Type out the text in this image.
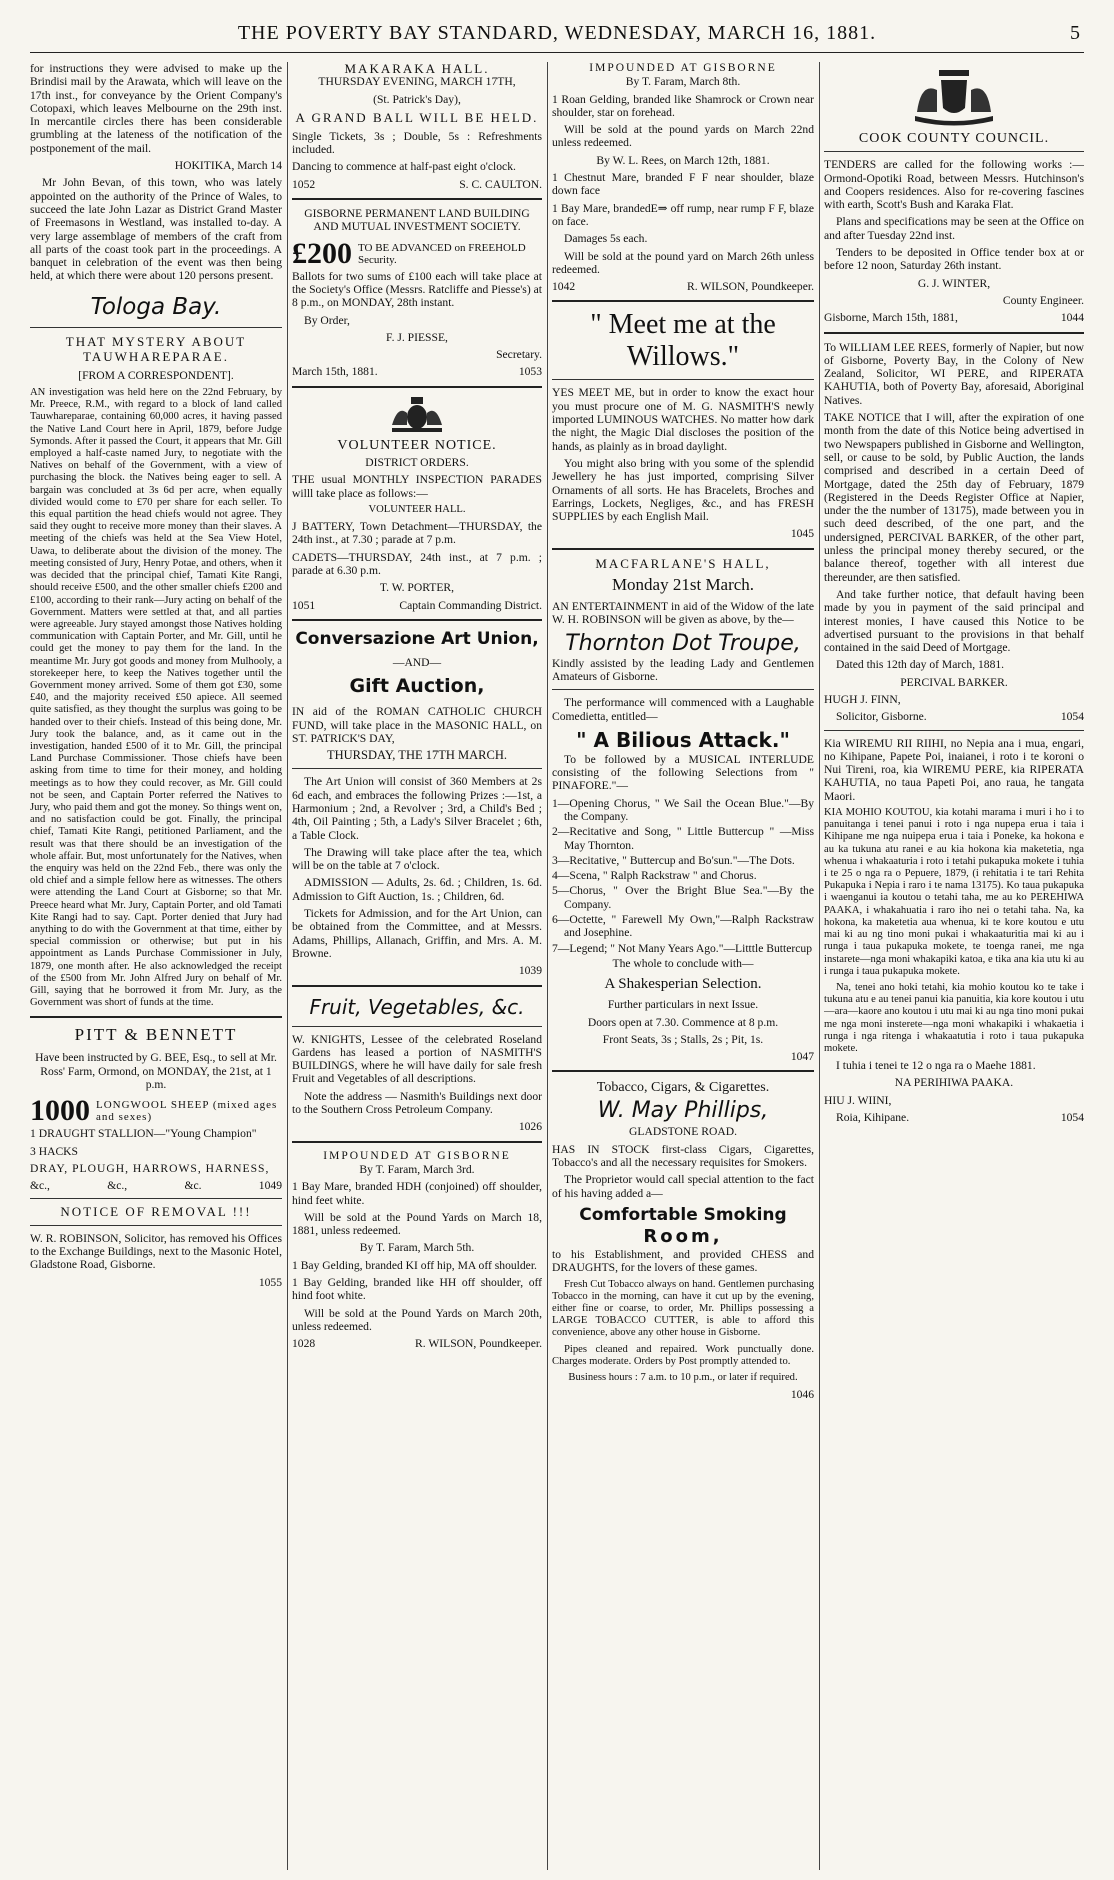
THE POVERTY BAY STANDARD, WEDNESDAY, MARCH 16, 1881.	5

for instructions they were advised to make up the Brindisi mail by the Arawata, which will leave on the 17th inst., for conveyance by the Orient Company's Cotopaxi, which leaves Melbourne on the 29th inst. In mercantile circles there has been considerable grumbling at the lateness of the notification of the postponement of the mail.

HOKITIKA, March 14

Mr John Bevan, of this town, who was lately appointed on the authority of the Prince of Wales, to succeed the late John Lazar as District Grand Master of Freemasons in Westland, was installed to-day. A very large assemblage of members of the craft from all parts of the coast took part in the proceedings. A banquet in celebration of the event was then being held, at which there were about 120 persons present.

Tologa Bay.
THAT MYSTERY ABOUT TAUWHAREPARAE.

[FROM A CORRESPONDENT].

AN investigation was held here on the 22nd February, by Mr. Preece, R.M., with regard to a block of land called Tauwhareparae, containing 60,000 acres, it having passed the Native Land Court here in April, 1879, before Judge Symonds. After it passed the Court, it appears that Mr. Gill employed a half-caste named Jury, to negotiate with the Natives on behalf of the Government, with a view of purchasing the block. the Natives being eager to sell. A bargain was concluded at 3s 6d per acre, when equally divided would come to £70 per share for each seller. To this equal partition the head chiefs would not agree. They said they ought to receive more money than their slaves. A meeting of the chiefs was held at the Sea View Hotel, Uawa, to deliberate about the division of the money. The meeting consisted of Jury, Henry Potae, and others, when it was decided that the principal chief, Tamati Kite Rangi, should receive £500, and the other smaller chiefs £200 and £100, according to their rank—Jury acting on behalf of the Government. Matters were settled at that, and all parties were agreeable. Jury stayed amongst those Natives holding communication with Captain Porter, and Mr. Gill, until he could get the money to pay them for the land. In the meantime Mr. Jury got goods and money from Mulhooly, a storekeeper here, to keep the Natives together until the Government money arrived. Some of them got £30, some £40, and the majority received £50 apiece. All seemed quite satisfied, as they thought the surplus was going to be handed over to their chiefs. Instead of this being done, Mr. Jury took the balance, and, as it came out in the investigation, handed £500 of it to Mr. Gill, the principal Land Purchase Commissioner. Those chiefs have been asking from time to time for their money, and holding meetings as to how they could recover, as Mr. Gill could not be seen, and Captain Porter referred the Natives to Jury, who paid them and got the money. So things went on, and no satisfaction could be got. Finally, the principal chief, Tamati Kite Rangi, petitioned Parliament, and the result was that there should be an investigation of the whole affair. But, most unfortunately for the Natives, when the enquiry was held on the 22nd Feb., there was only the old chief and a simple fellow here as witnesses. The others were attending the Land Court at Gisborne; so that Mr. Preece heard what Mr. Jury, Captain Porter, and old Tamati Kite Rangi had to say. Capt. Porter denied that Jury had anything to do with the Government at that time, either by special commission or otherwise; but put in his appointment as Lands Purchase Commissioner in July, 1879, one month after. He also acknowledged the receipt of the £500 from Mr. John Alfred Jury on behalf of Mr. Gill, saying that he borrowed it from Mr. Jury, as the Government was short of funds at the time.

PITT & BENNETT

Have been instructed by G. BEE, Esq., to sell at Mr. Ross' Farm, Ormond, on MONDAY, the 21st, at 1 p.m.

1000 LONGWOOL SHEEP (mixed ages and sexes)

1 DRAUGHT STALLION—"Young Champion"

3 HACKS

DRAY, PLOUGH, HARROWS, HARNESS,

&c.,	&c.,	&c.	1049
NOTICE OF REMOVAL !!!

W. R. ROBINSON, Solicitor, has removed his Offices to the Exchange Buildings, next to the Masonic Hotel, Gladstone Road, Gisborne.

1055

MAKARAKA HALL.

THURSDAY EVENING, MARCH 17TH,

(St. Patrick's Day),

A GRAND BALL WILL BE HELD.

Single Tickets, 3s ; Double, 5s : Refreshments included.

Dancing to commence at half-past eight o'clock.

1052	S. C. CAULTON.

GISBORNE PERMANENT LAND BUILDING AND MUTUAL INVESTMENT SOCIETY.

£200 TO BE ADVANCED on FREEHOLD Security.

Ballots for two sums of £100 each will take place at the Society's Office (Messrs. Ratcliffe and Piesse's) at 8 p.m., on MONDAY, 28th instant.

By Order,

F. J. PIESSE,

Secretary.

March 15th, 1881.	1053
VOLUNTEER NOTICE.

DISTRICT ORDERS.

THE usual MONTHLY INSPECTION PARADES willl take place as follows:—

VOLUNTEER HALL.

J BATTERY, Town Detachment—THURSDAY, the 24th inst., at 7.30 ; parade at 7 p.m.

CADETS—THURSDAY, 24th inst., at 7 p.m. ; parade at 6.30 p.m.

T. W. PORTER,

1051	Captain Commanding District.
Conversazione Art Union,

—AND—

Gift Auction,

IN aid of the ROMAN CATHOLIC CHURCH FUND, will take place in the MASONIC HALL, on ST. PATRICK'S DAY,

THURSDAY, THE 17TH MARCH.

The Art Union will consist of 360 Members at 2s 6d each, and embraces the following Prizes :—1st, a Harmonium ; 2nd, a Revolver ; 3rd, a Child's Bed ; 4th, Oil Painting ; 5th, a Lady's Silver Bracelet ; 6th, a Table Clock.

The Drawing will take place after the tea, which will be on the table at 7 o'clock.

ADMISSION — Adults, 2s. 6d. ; Children, 1s. 6d. Admission to Gift Auction, 1s. ; Children, 6d.

Tickets for Admission, and for the Art Union, can be obtained from the Committee, and at Messrs. Adams, Phillips, Allanach, Griffin, and Mrs. A. M. Browne.

1039

Fruit, Vegetables, &c.

W. KNIGHTS, Lessee of the celebrated Roseland Gardens has leased a portion of NASMITH'S BUILDINGS, where he will have daily for sale fresh Fruit and Vegetables of all descriptions.

Note the address — Nasmith's Buildings next door to the Southern Cross Petroleum Company.

1026

IMPOUNDED AT GISBORNE

By T. Faram, March 3rd.

1 Bay Mare, branded HDH (conjoined) off shoulder, hind feet white.

Will be sold at the Pound Yards on March 18, 1881, unless redeemed.

By T. Faram, March 5th.

1 Bay Gelding, branded KI off hip, MA off shoulder.

1 Bay Gelding, branded like HH off shoulder, off hind foot white.

Will be sold at the Pound Yards on March 20th, unless redeemed.

1028	R. WILSON, Poundkeeper.
IMPOUNDED AT GISBORNE

By T. Faram, March 8th.

1 Roan Gelding, branded like Shamrock or Crown near shoulder, star on forehead.

Will be sold at the pound yards on March 22nd unless redeemed.

By W. L. Rees, on March 12th, 1881.

1 Chestnut Mare, branded F F near shoulder, blaze down face

1 Bay Mare, brandedE⇒ off rump, near rump F F, blaze on face.

Damages 5s each.

Will be sold at the pound yard on March 26th unless redeemed.

1042	R. WILSON, Poundkeeper.
" Meet me at the Willows."

YES MEET ME, but in order to know the exact hour you must procure one of M. G. NASMITH'S newly imported LUMINOUS WATCHES. No matter how dark the night, the Magic Dial discloses the position of the hands, as plainly as in broad daylight.

You might also bring with you some of the splendid Jewellery he has just imported, comprising Silver Ornaments of all sorts. He has Bracelets, Broches and Earrings, Lockets, Negliges, &c., and has FRESH SUPPLIES by each English Mail.

1045

MACFARLANE'S HALL,
Monday 21st March.

AN ENTERTAINMENT in aid of the Widow of the late W. H. ROBINSON will be given as above, by the—

Thornton Dot Troupe,

Kindly assisted by the leading Lady and Gentlemen Amateurs of Gisborne.

The performance will commenced with a Laughable Comedietta, entitled—

" A Bilious Attack."

To be followed by a MUSICAL INTERLUDE consisting of the following Selections from " PINAFORE."—

1—Opening Chorus, " We Sail the Ocean Blue."—By the Company.

2—Recitative and Song, " Little Buttercup " —Miss May Thornton.

3—Recitative, " Buttercup and Bo'sun."—The Dots.

4—Scena, " Ralph Rackstraw " and Chorus.

5—Chorus, " Over the Bright Blue Sea."—By the Company.

6—Octette, " Farewell My Own,"—Ralph Rackstraw and Josephine.

7—Legend; " Not Many Years Ago."—Litttle Buttercup

The whole to conclude with—

A Shakesperian Selection.

Further particulars in next Issue.

Doors open at 7.30. Commence at 8 p.m.

Front Seats, 3s ; Stalls, 2s ; Pit, 1s.

1047

Tobacco, Cigars, & Cigarettes.
W. May Phillips,

GLADSTONE ROAD.

HAS IN STOCK first-class Cigars, Cigarettes, Tobacco's and all the necessary requisites for Smokers.

The Proprietor would call special attention to the fact of his having added a—

Comfortable Smoking
Room,

to his Establishment, and provided CHESS and DRAUGHTS, for the lovers of these games.

Fresh Cut Tobacco always on hand. Gentlemen purchasing Tobacco in the morning, can have it cut up by the evening, either fine or coarse, to order, Mr. Phillips possessing a LARGE TOBACCO CUTTER, is able to afford this convenience, above any other house in Gisborne.

Pipes cleaned and repaired. Work punctually done. Charges moderate. Orders by Post promptly attended to.

Business hours : 7 a.m. to 10 p.m., or later if required.

1046

COOK COUNTY COUNCIL.

TENDERS are called for the following works :—Ormond-Opotiki Road, between Messrs. Hutchinson's and Coopers residences. Also for re-covering fascines with earth, Scott's Bush and Karaka Flat.

Plans and specifications may be seen at the Office on and after Tuesday 22nd inst.

Tenders to be deposited in Office tender box at or before 12 noon, Saturday 26th instant.

G. J. WINTER,

County Engineer.

Gisborne, March 15th, 1881,	1044

To WILLIAM LEE REES, formerly of Napier, but now of Gisborne, Poverty Bay, in the Colony of New Zealand, Solicitor, WI PERE, and RIPERATA KAHUTIA, both of Poverty Bay, aforesaid, Aboriginal Natives.

TAKE NOTICE that I will, after the expiration of one month from the date of this Notice being advertised in two Newspapers published in Gisborne and Wellington, sell, or cause to be sold, by Public Auction, the lands comprised and described in a certain Deed of Mortgage, dated the 25th day of February, 1879 (Registered in the Deeds Register Office at Napier, under the the number of 13175), made between you in such deed described, of the one part, and the undersigned, PERCIVAL BARKER, of the other part, unless the principal money thereby secured, or the balance thereof, together with all interest due thereunder, are then satisfied.

And take further notice, that default having been made by you in payment of the said principal and interest monies, I have caused this Notice to be advertised pursuant to the provisions in that behalf contained in the said Deed of Mortgage.

Dated this 12th day of March, 1881.

PERCIVAL BARKER.

HUGH J. FINN,

Solicitor, Gisborne.	1054

Kia WIREMU RII RIIHI, no Nepia ana i mua, engari, no Kihipane, Papete Poi, inaianei, i roto i te koroni o Nui Tireni, roa, kia WIREMU PERE, kia RIPERATA KAHUTIA, no taua Papeti Poi, ano raua, he tangata Maori.

KIA MOHIO KOUTOU, kia kotahi marama i muri i ho i to panuitanga i tenei panui i roto i nga nupepa erua i taia i Kihipane me nga nuipepa erua i taia i Poneke, ka hokona e au ka tukuna atu ranei e au kia hokona kia maketetia, nga whenua i whakaaturia i roto i tetahi pukapuka mokete i tuhia i te 25 o nga ra o Pepuere, 1879, (i rehitatia i te tari Rehita Pukapuka i Nepia i raro i te nama 13175). Ko taua pukapuka i waenganui ia koutou o tetahi taha, me au ko PEREHIWA PAAKA, i whakahuatia i raro iho nei o tetahi taha. Na, ka hokona, ka maketetia aua whenua, ki te kore koutou e utu mai ki au ng tino moni pukai i whakaaturitia mai ki au i runga i taua pukapuka mokete, te toenga ranei, me nga instarete—nga moni whakapiki katoa, e tika ana kia utu ki au i runga i taua pukapuka mokete.

Na, tenei ano hoki tetahi, kia mohio koutou ko te take i tukuna atu e au tenei panui kia panuitia, kia kore koutou i utu—ara—kaore ano koutou i utu mai ki au nga tino moni pukai me nga moni insterete—nga moni whakapiki i whakaetia i runga i nga ritenga i whakaatutia i roto i taua pukapuka mokete.

I tuhia i tenei te 12 o nga ra o Maehe 1881.

NA PERIHIWA PAAKA.

HIU J. WIINI,

Roia, Kihipane.	1054
